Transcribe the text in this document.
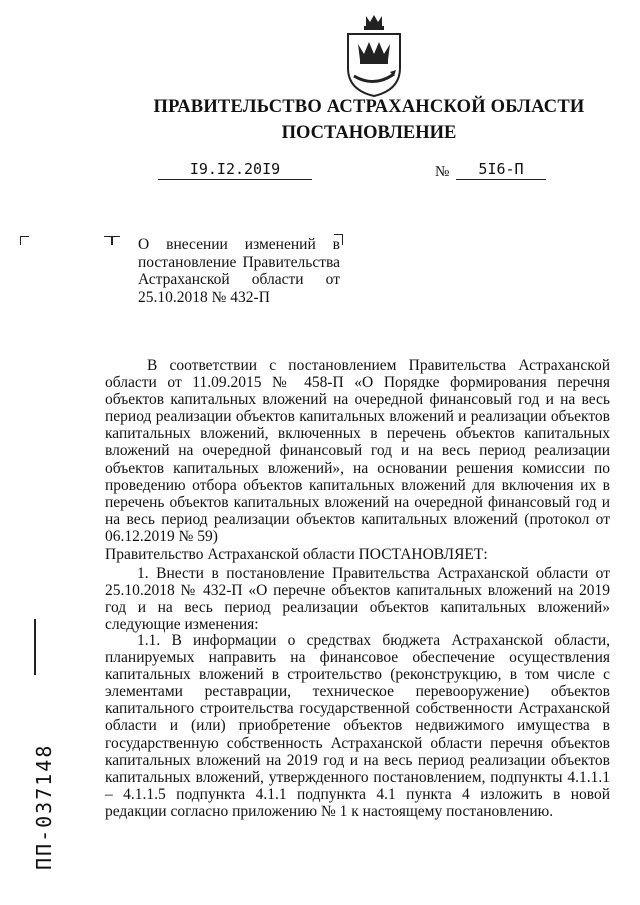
ПРАВИТЕЛЬСТВО АСТРАХАНСКОЙ ОБЛАСТИ
ПОСТАНОВЛЕНИЕ
I9.I2.20I9	№	5I6-П
О внесении изменений в
постановление Правительства
Астраханской области от
25.10.2018 № 432-П
В соответствии с постановлением Правительства Астраханской области от 11.09.2015 № 458-П «О Порядке формирования перечня объектов капитальных вложений на очередной финансовый год и на весь период реализации объектов капитальных вложений и реализации объектов капитальных вложений, включенных в перечень объектов капитальных вложений на очередной финансовый год и на весь период реализации объектов капитальных вложений», на основании решения комиссии по проведению отбора объектов капитальных вложений для включения их в перечень объектов капитальных вложений на очередной финансовый год и на весь период реализации объектов капитальных вложений (протокол от 06.12.2019 № 59)
Правительство Астраханской области ПОСТАНОВЛЯЕТ:
1. Внести в постановление Правительства Астраханской области от 25.10.2018 № 432-П «О перечне объектов капитальных вложений на 2019 год и на весь период реализации объектов капитальных вложений» следующие изменения:
1.1. В информации о средствах бюджета Астраханской области, планируемых направить на финансовое обеспечение осуществления капитальных вложений в строительство (реконструкцию, в том числе с элементами реставрации, техническое перевооружение) объектов капитального строительства государственной собственности Астраханской области и (или) приобретение объектов недвижимого имущества в государственную собственность Астраханской области перечня объектов капитальных вложений на 2019 год и на весь период реализации объектов капитальных вложений, утвержденного постановлением, подпункты 4.1.1.1 – 4.1.1.5 подпункта 4.1.1 подпункта 4.1 пункта 4 изложить в новой редакции согласно приложению № 1 к настоящему постановлению.
ПП-037148
